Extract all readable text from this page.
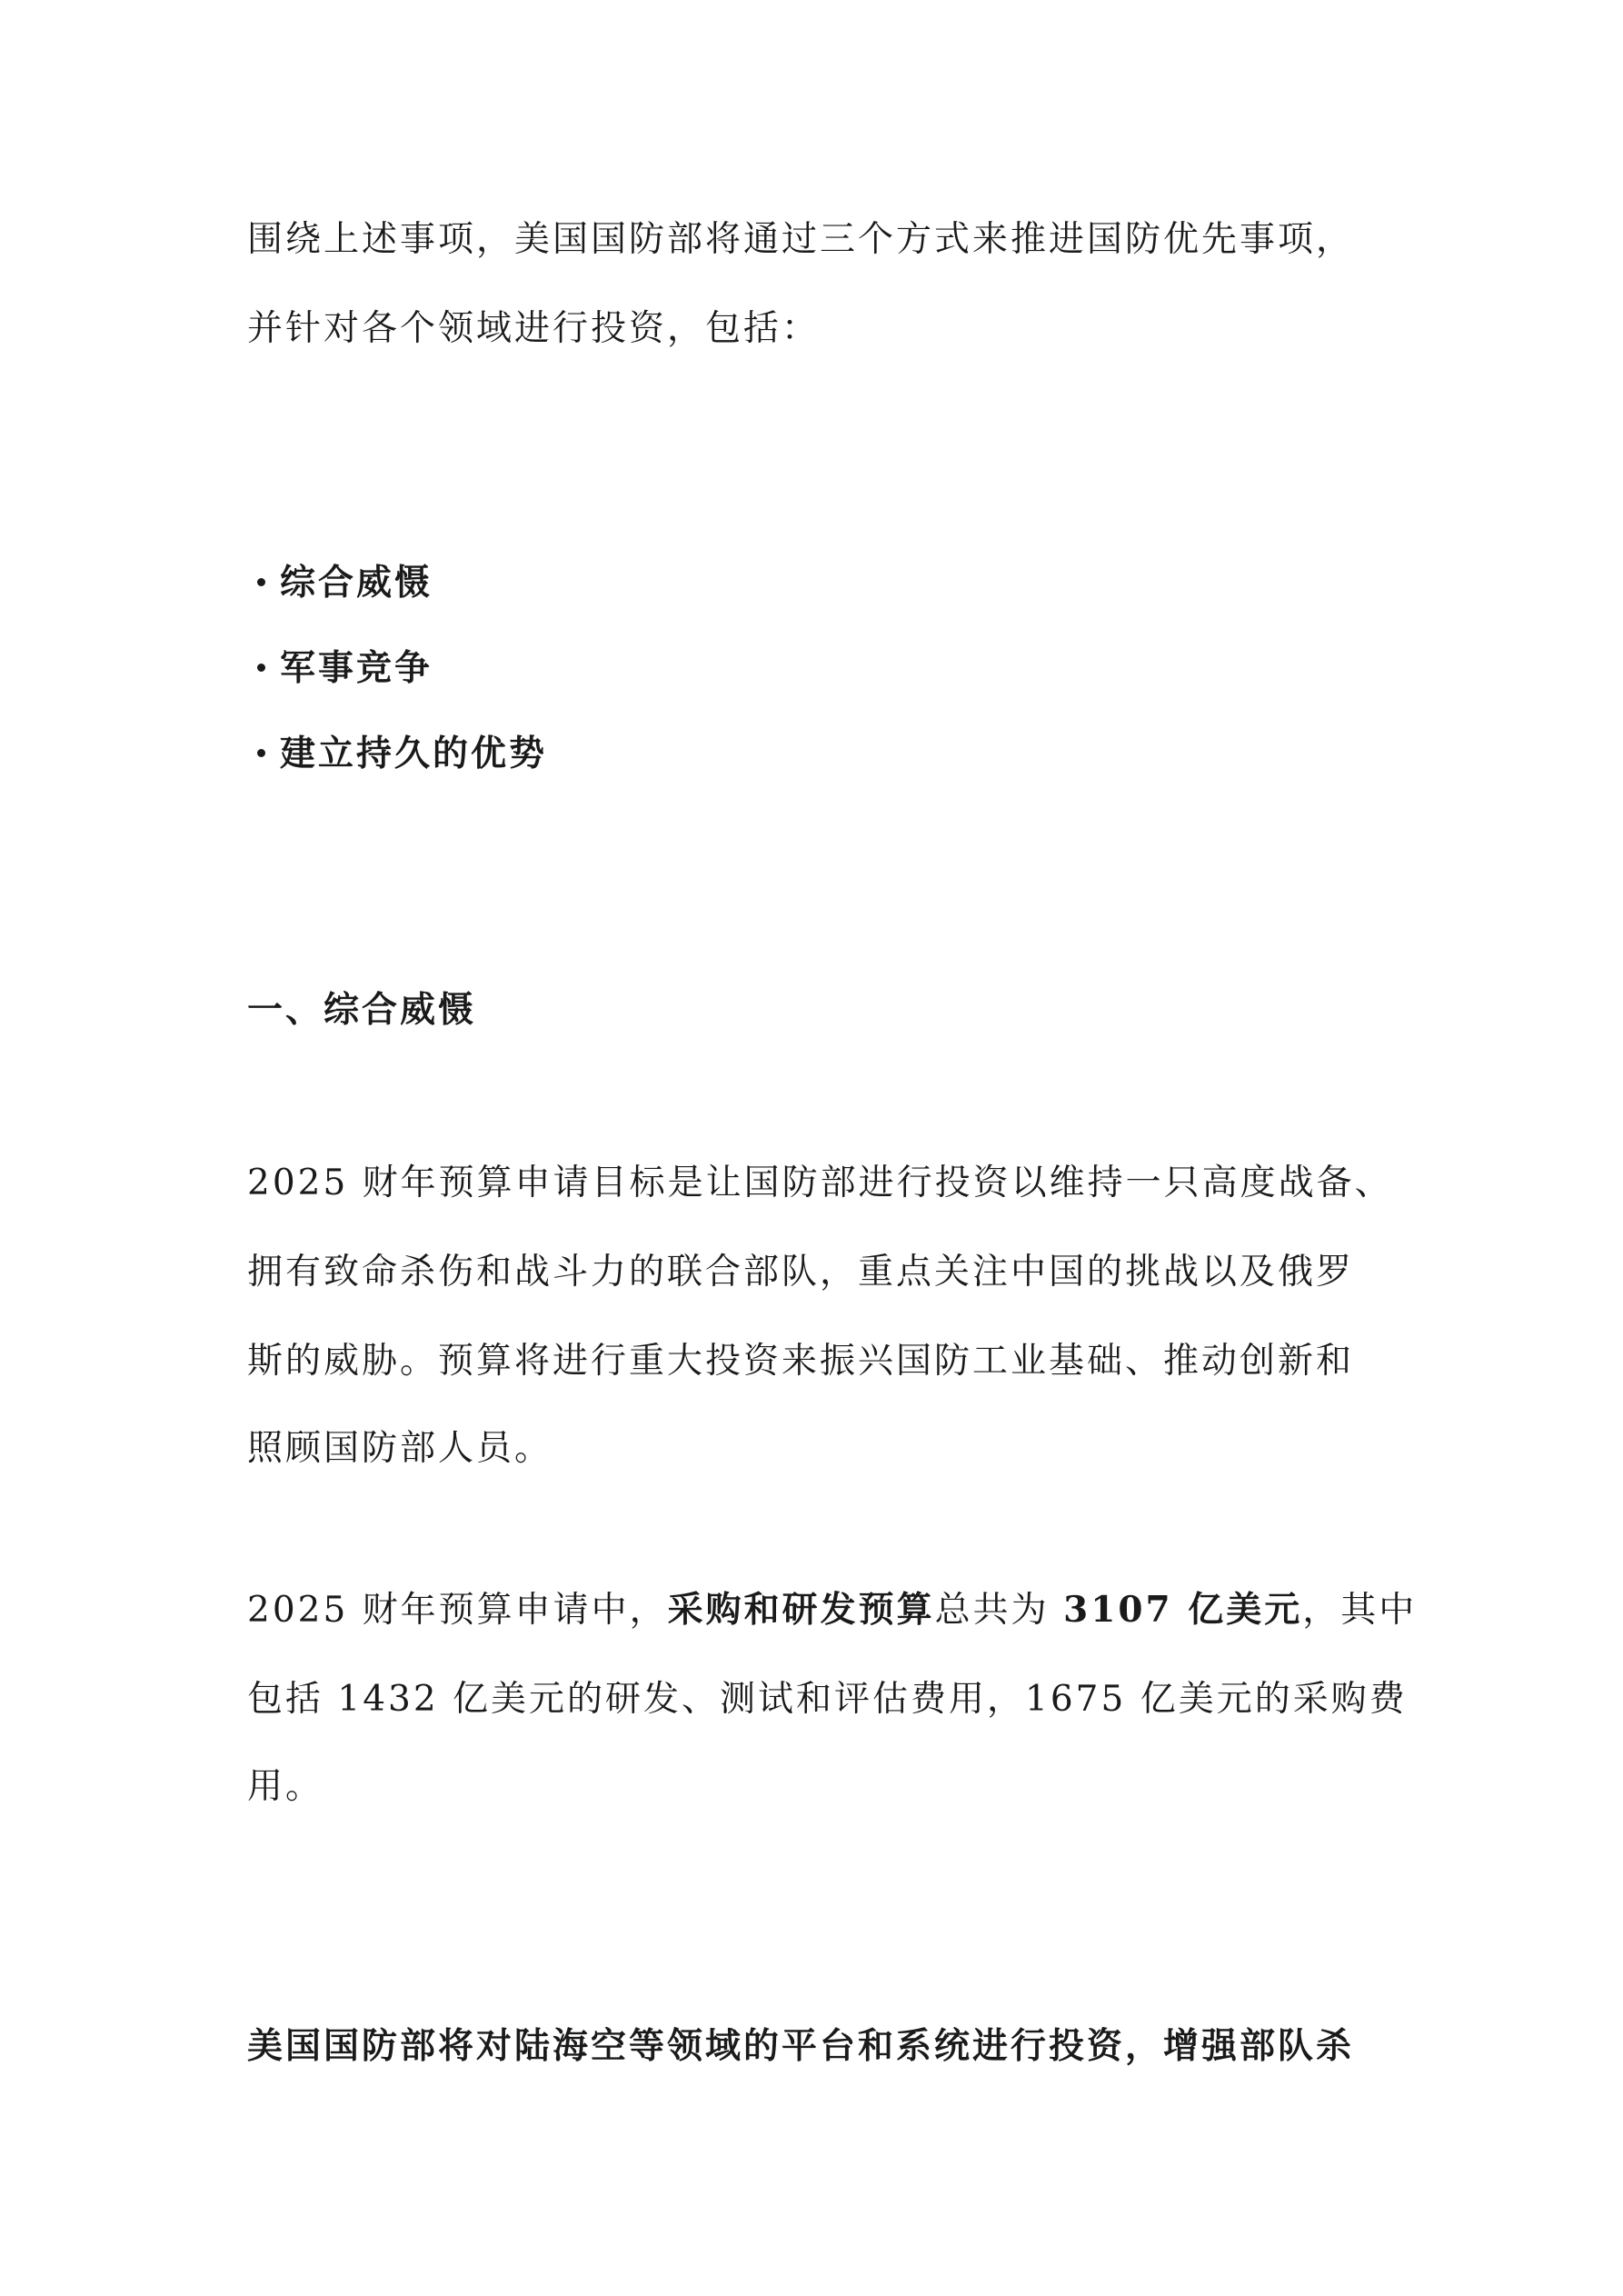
围绕上述事项，美国国防部将通过三个方式来推进国防优先事项，
并针对各个领域进行投资，包括：
综合威慑
军事竞争
建立持久的优势
一、综合威慑
2025 财年预算申请目标是让国防部进行投资以维持一只高度战备、
拥有致命杀伤和战斗力的联合部队，重点关注中国的挑战以及俄罗
斯的威胁。预算将进行重大投资来振兴国防工业基础、推动创新和
照顾国防部人员。
2025 财年预算申请中，采购和研发预算总共为 3107 亿美元，其中
包括 1432 亿美元的研发、测试和评估费用，1675 亿美元的采购费
用。
美国国防部将对陆海空等领域的平台和系统进行投资，增强部队杀
